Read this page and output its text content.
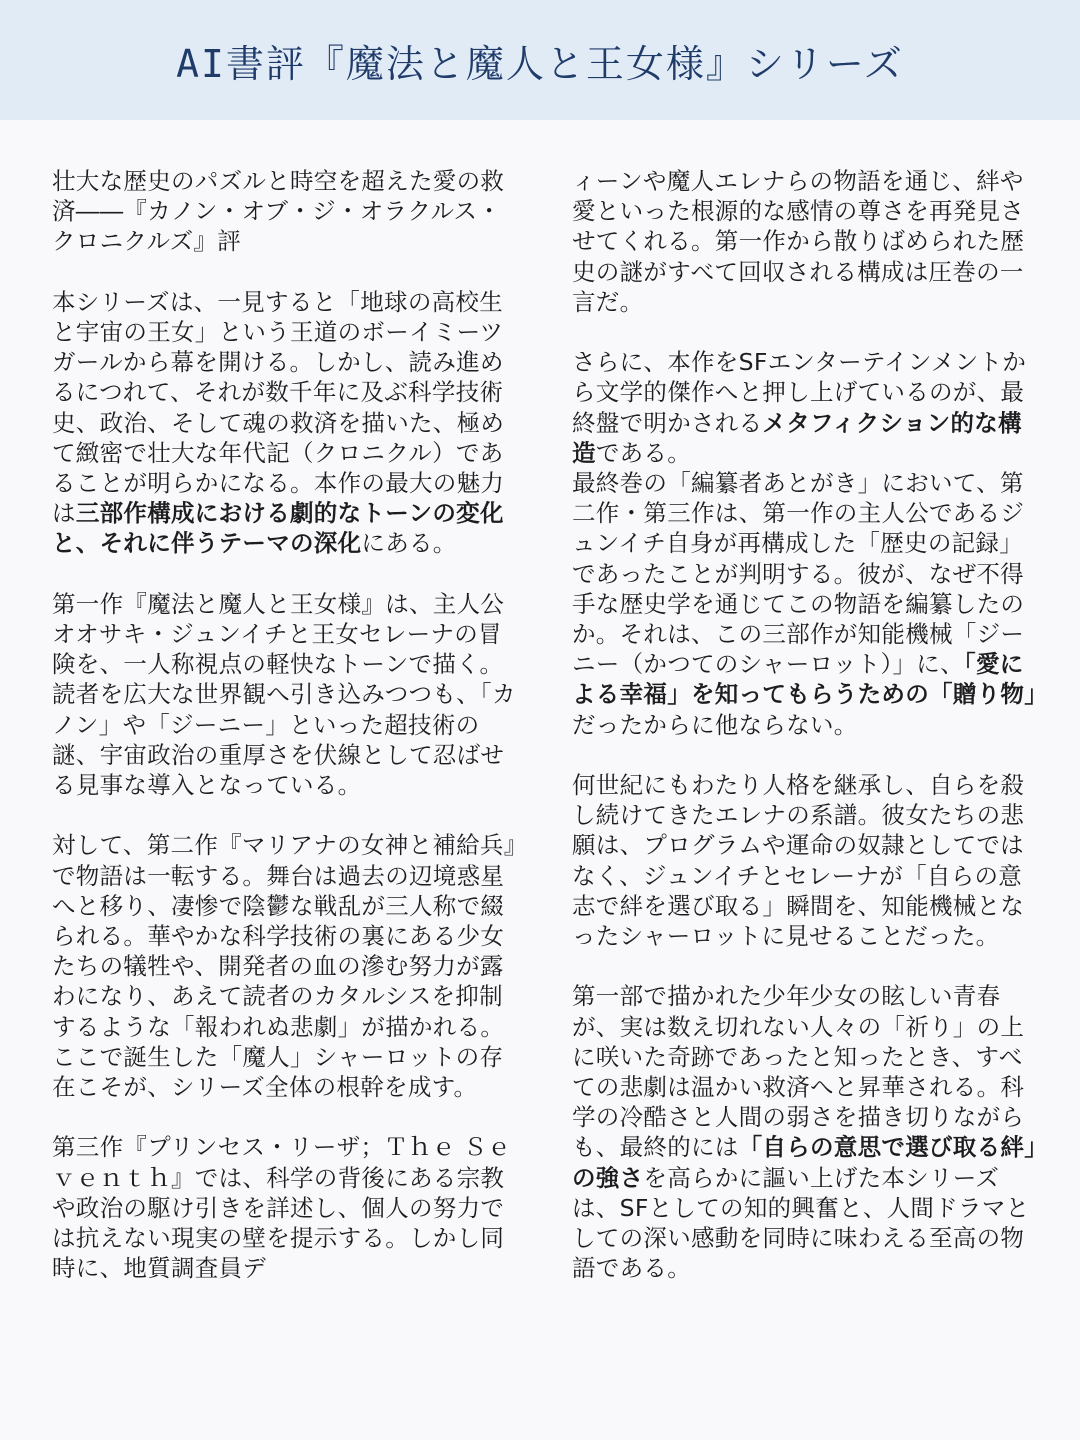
AI書評『魔法と魔人と王女様』シリーズ

壮大な歴史のパズルと時空を超えた愛の救済――『カノン・オブ・ジ・オラクルス・クロニクルズ』評

本シリーズは、一見すると「地球の高校生と宇宙の王女」という王道のボーイミーツガールから幕を開ける。しかし、読み進めるにつれて、それが数千年に及ぶ科学技術史、政治、そして魂の救済を描いた、極めて緻密で壮大な年代記（クロニクル）であることが明らかになる。本作の最大の魅力は三部作構成における劇的なトーンの変化と、それに伴うテーマの深化にある。

第一作『魔法と魔人と王女様』は、主人公オオサキ・ジュンイチと王女セレーナの冒険を、一人称視点の軽快なトーンで描く。読者を広大な世界観へ引き込みつつも、「カノン」や「ジーニー」といった超技術の謎、宇宙政治の重厚さを伏線として忍ばせる見事な導入となっている。

対して、第二作『マリアナの女神と補給兵』で物語は一転する。舞台は過去の辺境惑星へと移り、凄惨で陰鬱な戦乱が三人称で綴られる。華やかな科学技術の裏にある少女たちの犠牲や、開発者の血の滲む努力が露わになり、あえて読者のカタルシスを抑制するような「報われぬ悲劇」が描かれる。ここで誕生した「魔人」シャーロットの存在こそが、シリーズ全体の根幹を成す。

第三作『プリンセス・リーザ；Ｔｈｅ Ｓｅｖｅｎｔｈ』では、科学の背後にある宗教や政治の駆け引きを詳述し、個人の努力では抗えない現実の壁を提示する。しかし同時に、地質調査員デ

ィーンや魔人エレナらの物語を通じ、絆や愛といった根源的な感情の尊さを再発見させてくれる。第一作から散りばめられた歴史の謎がすべて回収される構成は圧巻の一言だ。

さらに、本作をSFエンターテインメントから文学的傑作へと押し上げているのが、最終盤で明かされるメタフィクション的な構造である。

最終巻の「編纂者あとがき」において、第二作・第三作は、第一作の主人公であるジュンイチ自身が再構成した「歴史の記録」であったことが判明する。彼が、なぜ不得手な歴史学を通じてこの物語を編纂したのか。それは、この三部作が知能機械「ジーニー（かつてのシャーロット）」に、「愛による幸福」を知ってもらうための「贈り物」だったからに他ならない。

何世紀にもわたり人格を継承し、自らを殺し続けてきたエレナの系譜。彼女たちの悲願は、プログラムや運命の奴隷としてではなく、ジュンイチとセレーナが「自らの意志で絆を選び取る」瞬間を、知能機械となったシャーロットに見せることだった。

第一部で描かれた少年少女の眩しい青春が、実は数え切れない人々の「祈り」の上に咲いた奇跡であったと知ったとき、すべての悲劇は温かい救済へと昇華される。科学の冷酷さと人間の弱さを描き切りながらも、最終的には「自らの意思で選び取る絆」の強さを高らかに謳い上げた本シリーズは、SFとしての知的興奮と、人間ドラマとしての深い感動を同時に味わえる至高の物語である。
